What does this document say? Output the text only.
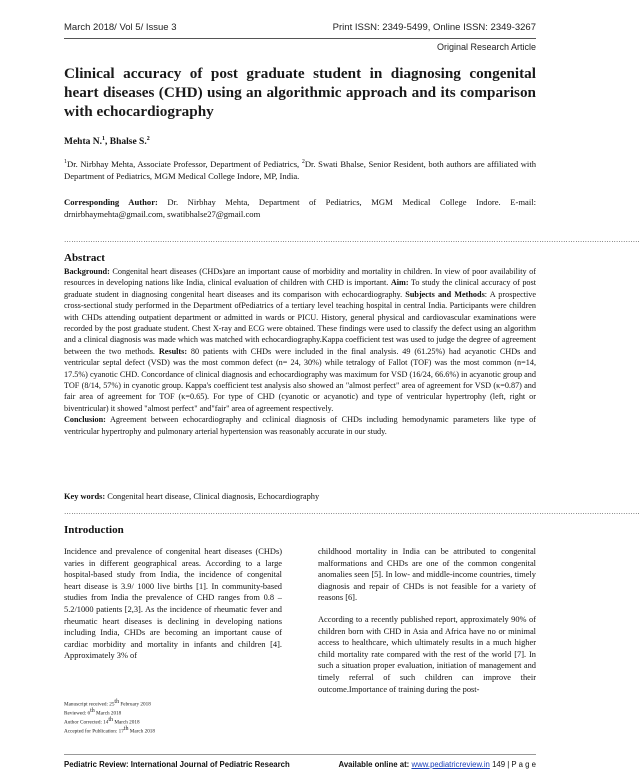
March 2018/ Vol 5/ Issue 3	Print ISSN: 2349-5499, Online ISSN: 2349-3267
Original Research Article
Clinical accuracy of post graduate student in diagnosing congenital heart diseases (CHD) using an algorithmic approach and its comparison with echocardiography
Mehta N.$^1$, Bhalse S.$^2$
$^1$Dr. Nirbhay Mehta, Associate Professor, Department of Pediatrics, $^2$Dr. Swati Bhalse, Senior Resident, both authors are affiliated with Department of Pediatrics, MGM Medical College Indore, MP, India.
Corresponding Author: Dr. Nirbhay Mehta, Department of Pediatrics, MGM Medical College Indore. E-mail: drnirbhaymehta@gmail.com, swatibhalse27@gmail.com
……………………………………………………………………………………………………………………………………………………………………………………………………………………
Abstract
Background: Congenital heart diseases (CHDs)are an important cause of morbidity and mortality in children. In view of poor availability of resources in developing nations like India, clinical evaluation of children with CHD is important. Aim: To study the clinical accuracy of post graduate student in diagnosing congenital heart diseases and its comparison with echocardiography. Subjects and Methods: A prospective cross-sectional study performed in the Department ofPediatrics of a tertiary level teaching hospital in central India. Participants were children with CHDs attending outpatient department or admitted in wards or PICU. History, general physical and cardiovascular examinations were recorded by the post graduate student. Chest X-ray and ECG were obtained. These findings were used to classify the defect using an algorithm and a clinical diagnosis was made which was matched with echocardiography.Kappa coefficient test was used to judge the degree of agreement between the two methods. Results: 80 patients with CHDs were included in the final analysis. 49 (61.25%) had acyanotic CHDs and ventricular septal defect (VSD) was the most common defect (n= 24, 30%) while tetralogy of Fallot (TOF) was the most common (n=14, 17.5%) cyanotic CHD. Concordance of clinical diagnosis and echocardiography was maximum for VSD (16/24, 66.6%) in acyanotic group and TOF (8/14, 57%) in cyanotic group. Kappa's coefficient test analysis also showed an "almost perfect" area of agreement for VSD (κ=0.87) and fair area of agreement for TOF (κ=0.65). For type of CHD (cyanotic or acyanotic) and type of ventricular hypertrophy (left, right or biventricular) it showed "almost perfect" and"fair" area of agreement respectively.
Conclusion: Agreement between echocardiography and cclinical diagnosis of CHDs including hemodynamic parameters like type of ventricular hypertrophy and pulmonary arterial hypertension was reasonably accurate in our study.
Key words: Congenital heart disease, Clinical diagnosis, Echocardiography
……………………………………………………………………………………………………………………………………………………………………………………………………………………
Introduction

Incidence and prevalence of congenital heart diseases (CHDs) varies in different geographical areas. According to a large hospital-based study from India, the incidence of congenital heart disease is 3.9/ 1000 live births [1]. In community-based studies from India the prevalence of CHD ranges from 0.8 – 5.2/1000 patients [2,3]. As the incidence of rheumatic fever and rheumatic heart diseases is declining in developing nations including India, CHDs are becoming an important cause of cardiac morbidity and mortality in infants and children [4]. Approximately 3% of

Manuscript received: 25th February 2018
Reviewed: 6th March 2018
Author Corrected: 14th March 2018
Accepted for Publication: 17th March 2018

childhood mortality in India can be attributed to congenital malformations and CHDs are one of the common congenital anomalies seen [5]. In low- and middle-income countries, timely diagnosis and repair of CHDs is not feasible for a variety of reasons [6].

According to a recently published report, approximately 90% of children born with CHD in Asia and Africa have no or minimal access to healthcare, which ultimately results in a much higher child mortality rate compared with the rest of the world [7]. In such a situation proper evaluation, initiation of management and timely referral of such children can improve their outcome.Importance of training during the post-

Pediatric Review: International Journal of Pediatric Research	Available online at: www.pediatricreview.in 149 | P a g e
